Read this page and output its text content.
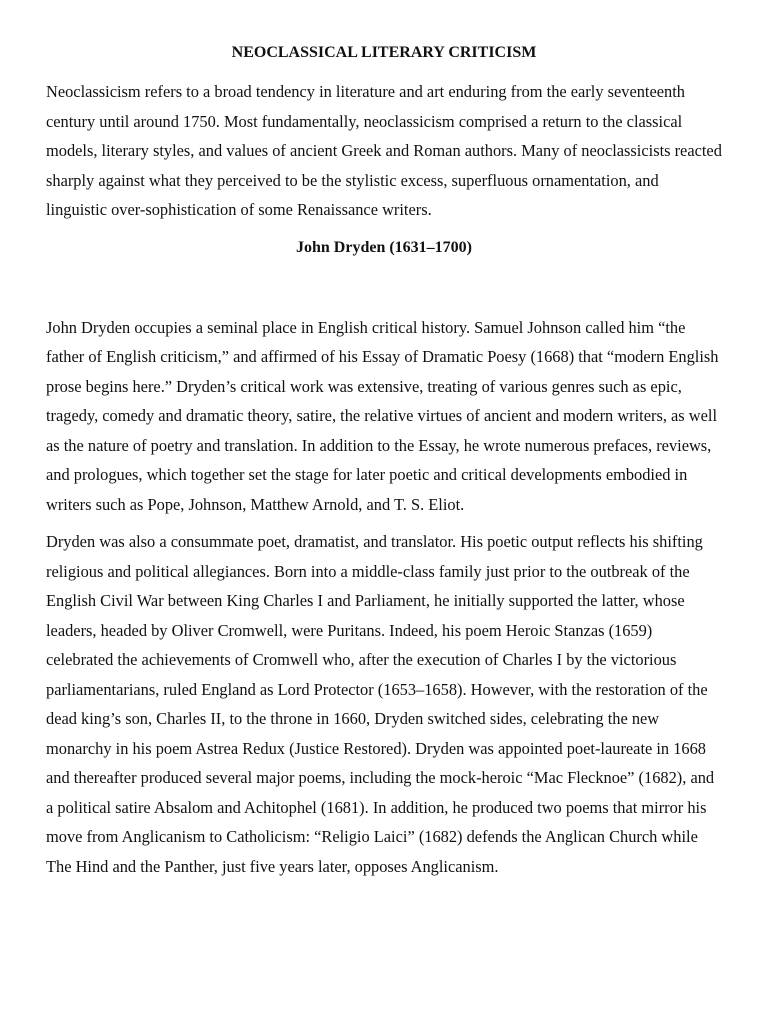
NEOCLASSICAL LITERARY CRITICISM

Neoclassicism refers to a broad tendency in literature and art enduring from the early seventeenth century until around 1750. Most fundamentally, neoclassicism comprised a return to the classical models, literary styles, and values of ancient Greek and Roman authors. Many of neoclassicists reacted sharply against what they perceived to be the stylistic excess, superfluous ornamentation, and linguistic over-sophistication of some Renaissance writers.

John Dryden (1631–1700)

John Dryden occupies a seminal place in English critical history. Samuel Johnson called him “the father of English criticism,” and affirmed of his Essay of Dramatic Poesy (1668) that “modern English prose begins here.” Dryden’s critical work was extensive, treating of various genres such as epic, tragedy, comedy and dramatic theory, satire, the relative virtues of ancient and modern writers, as well as the nature of poetry and translation. In addition to the Essay, he wrote numerous prefaces, reviews, and prologues, which together set the stage for later poetic and critical developments embodied in writers such as Pope, Johnson, Matthew Arnold, and T. S. Eliot.

Dryden was also a consummate poet, dramatist, and translator. His poetic output reflects his shifting religious and political allegiances. Born into a middle-class family just prior to the outbreak of the English Civil War between King Charles I and Parliament, he initially supported the latter, whose leaders, headed by Oliver Cromwell, were Puritans. Indeed, his poem Heroic Stanzas (1659) celebrated the achievements of Cromwell who, after the execution of Charles I by the victorious parliamentarians, ruled England as Lord Protector (1653–1658). However, with the restoration of the dead king’s son, Charles II, to the throne in 1660, Dryden switched sides, celebrating the new monarchy in his poem Astrea Redux (Justice Restored). Dryden was appointed poet-laureate in 1668 and thereafter produced several major poems, including the mock-heroic “Mac Flecknoe” (1682), and a political satire Absalom and Achitophel (1681). In addition, he produced two poems that mirror his move from Anglicanism to Catholicism: “Religio Laici” (1682) defends the Anglican Church while The Hind and the Panther, just five years later, opposes Anglicanism.
